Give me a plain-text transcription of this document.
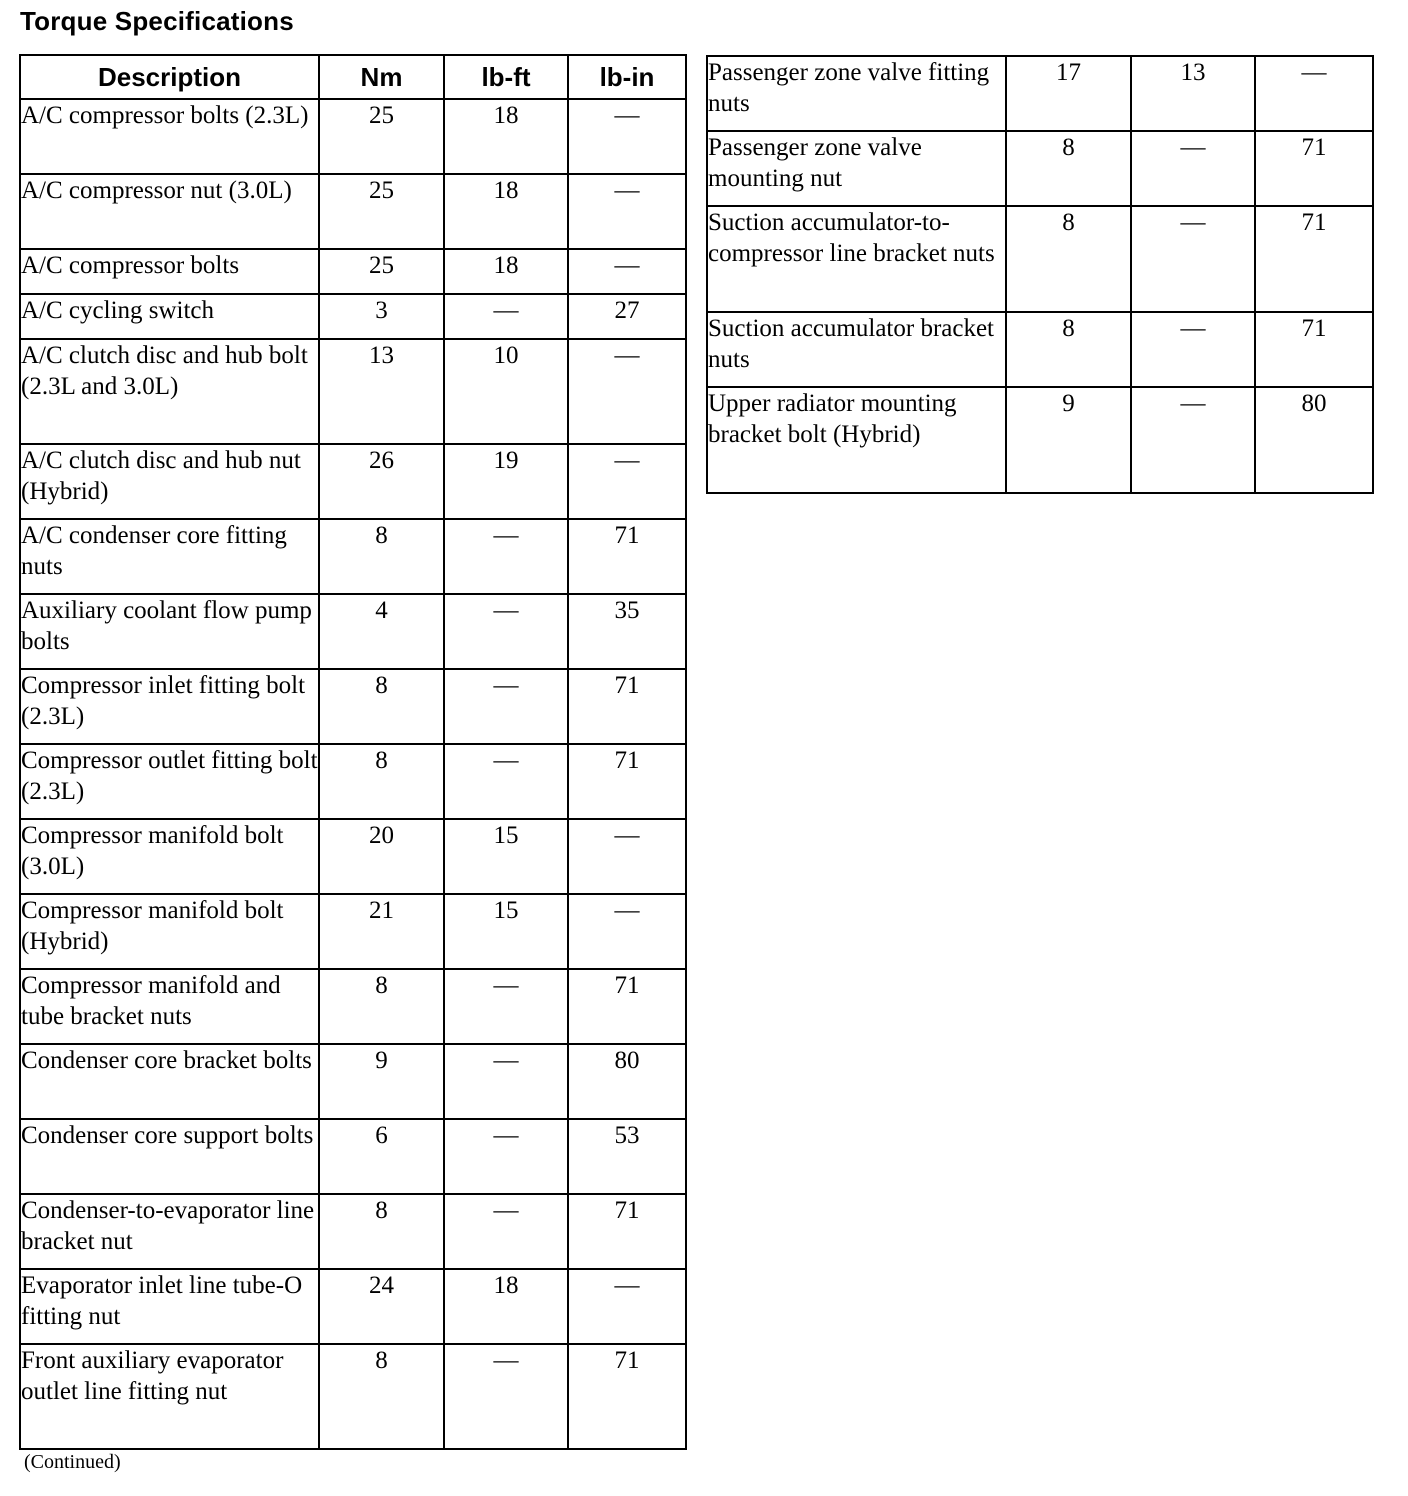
Torque Specifications
Description	Nm	lb-ft	lb-in
A/C compressor bolts (2.3L)	25	18	—
A/C compressor nut (3.0L)	25	18	—
A/C compressor bolts	25	18	—
A/C cycling switch	3	—	27
A/C clutch disc and hub bolt (2.3L and 3.0L)	13	10	—
A/C clutch disc and hub nut (Hybrid)	26	19	—
A/C condenser core fitting nuts	8	—	71
Auxiliary coolant flow pump bolts	4	—	35
Compressor inlet fitting bolt (2.3L)	8	—	71
Compressor outlet fitting bolt (2.3L)	8	—	71
Compressor manifold bolt (3.0L)	20	15	—
Compressor manifold bolt (Hybrid)	21	15	—
Compressor manifold and tube bracket nuts	8	—	71
Condenser core bracket bolts	9	—	80
Condenser core support bolts	6	—	53
Condenser-to-evaporator line bracket nut	8	—	71
Evaporator inlet line tube-O fitting nut	24	18	—
Front auxiliary evaporator outlet line fitting nut	8	—	71
Passenger zone valve fitting nuts	17	13	—
Passenger zone valve mounting nut	8	—	71
Suction accumulator-to-compressor line bracket nuts	8	—	71
Suction accumulator bracket nuts	8	—	71
Upper radiator mounting bracket bolt (Hybrid)	9	—	80
(Continued)
